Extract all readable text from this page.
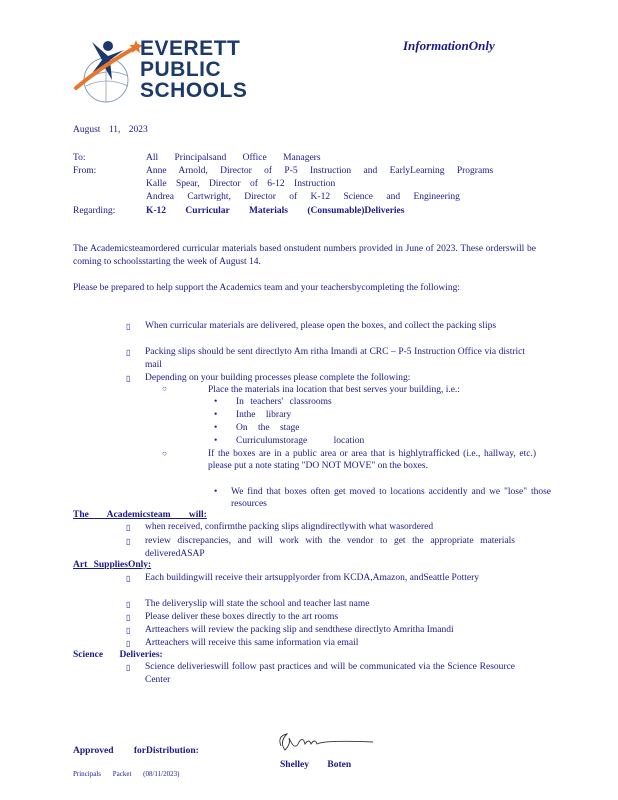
EVERETT
PUBLIC
SCHOOLS
InformationOnly
August 11, 2023
To:	All Principalsand Office Managers
From:	Anne Arnold, Director of P-5 Instruction and EarlyLearning Programs
Kalle Spear, Director of 6-12 Instruction
Andrea Cartwright, Director of K-12 Science and Engineering
Regarding:	K-12 Curricular Materials (Consumable)Deliveries

The Academicsteamordered curricular materials based onstudent numbers provided in June of 2023. These orderswill be coming to schoolsstarting the week of August 14.

Please be prepared to help support the Academics team and your teachersbycompleting the following:

▯ When curricular materials are delivered, please open the boxes, and collect the packing slips
▯ Packing slips should be sent directlyto Am ritha Imandi at CRC – P-5 Instruction Office via district mail
▯ Depending on your building processes please complete the following:
○	Place the materials ina location that best serves your building, i.e.:
• In teachers' classrooms
• Inthe library
• On the stage
• Curriculumstorage location
○	If the boxes are in a public area or area that is highlytrafficked (i.e., hallway, etc.) please put a note stating "DO NOT MOVE" on the boxes.
• We find that boxes often get moved to locations accidently and we "lose" those resources
The Academicsteam will:
▯ when received, confirmthe packing slips aligndirectlywith what wasordered
▯ review discrepancies, and will work with the vendor to get the appropriate materials deliveredASAP
Art SuppliesOnly:
▯ Each buildingwill receive their artsupplyorder from KCDA,Amazon, andSeattle Pottery
▯ The deliveryslip will state the school and teacher last name
▯ Please deliver these boxes directly to the art rooms
▯ Artteachers will review the packing slip and sendthese directlyto Amritha Imandi
▯ Artteachers will receive this same information via email
Science Deliveries:
▯ Science deliverieswill follow past practices and will be communicated via the Science Resource Center
Approved forDistribution:
Shelley Boten
Principals Packet (08/11/2023)
